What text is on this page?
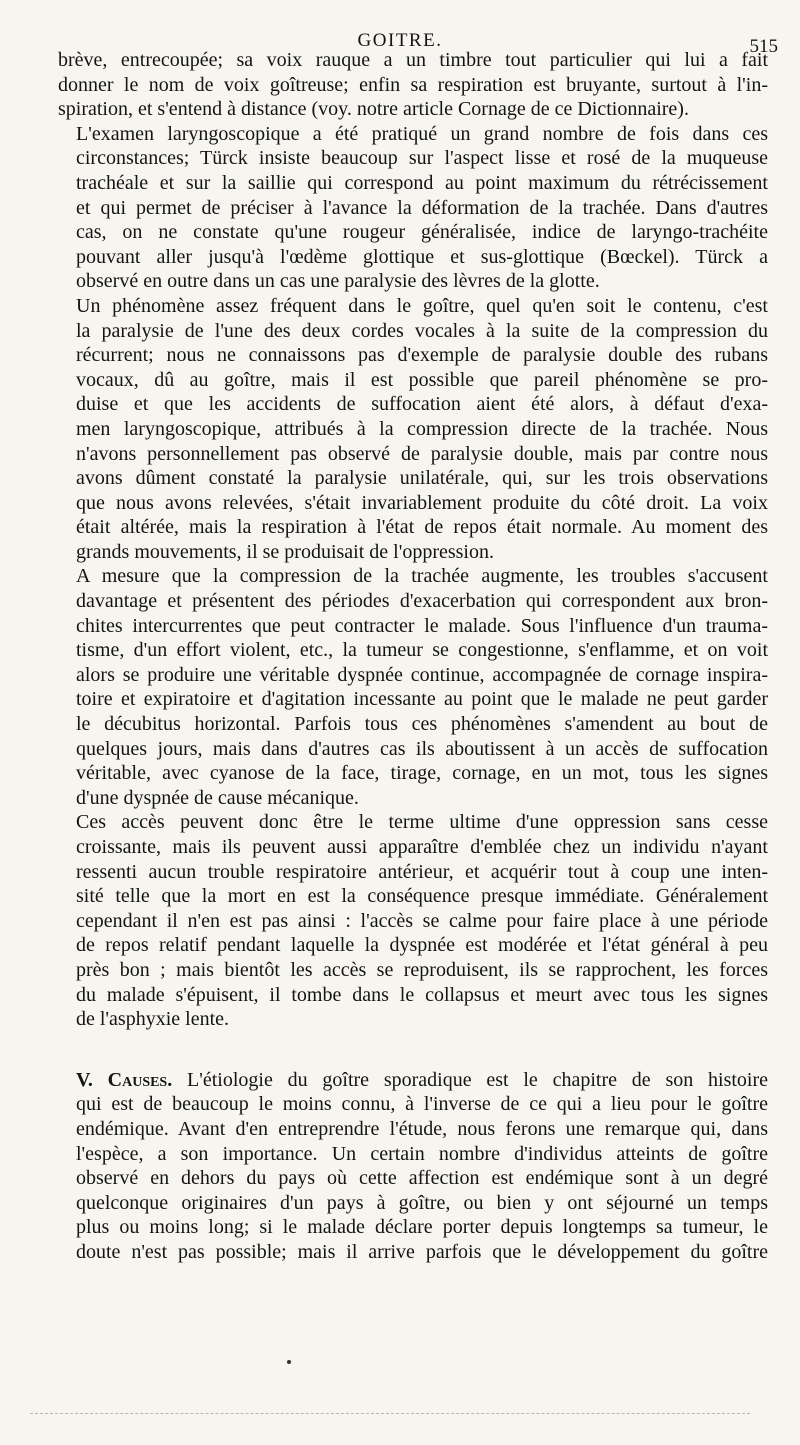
GOITRE.	515

brève, entrecoupée; sa voix rauque a un timbre tout particulier qui lui a fait
donner le nom de voix goîtreuse; enfin sa respiration est bruyante, surtout à l'in-
spiration, et s'entend à distance (voy. notre article Cornage de ce Dictionnaire).

L'examen laryngoscopique a été pratiqué un grand nombre de fois dans ces
circonstances; Türck insiste beaucoup sur l'aspect lisse et rosé de la muqueuse
trachéale et sur la saillie qui correspond au point maximum du rétrécissement
et qui permet de préciser à l'avance la déformation de la trachée. Dans d'autres
cas, on ne constate qu'une rougeur généralisée, indice de laryngo-trachéite
pouvant aller jusqu'à l'œdème glottique et sus-glottique (Bœckel). Türck a
observé en outre dans un cas une paralysie des lèvres de la glotte.

Un phénomène assez fréquent dans le goître, quel qu'en soit le contenu, c'est
la paralysie de l'une des deux cordes vocales à la suite de la compression du
récurrent; nous ne connaissons pas d'exemple de paralysie double des rubans
vocaux, dû au goître, mais il est possible que pareil phénomène se pro-
duise et que les accidents de suffocation aient été alors, à défaut d'exa-
men laryngoscopique, attribués à la compression directe de la trachée. Nous
n'avons personnellement pas observé de paralysie double, mais par contre nous
avons dûment constaté la paralysie unilatérale, qui, sur les trois observations
que nous avons relevées, s'était invariablement produite du côté droit. La voix
était altérée, mais la respiration à l'état de repos était normale. Au moment des
grands mouvements, il se produisait de l'oppression.

A mesure que la compression de la trachée augmente, les troubles s'accusent
davantage et présentent des périodes d'exacerbation qui correspondent aux bron-
chites intercurrentes que peut contracter le malade. Sous l'influence d'un trauma-
tisme, d'un effort violent, etc., la tumeur se congestionne, s'enflamme, et on voit
alors se produire une véritable dyspnée continue, accompagnée de cornage inspira-
toire et expiratoire et d'agitation incessante au point que le malade ne peut garder
le décubitus horizontal. Parfois tous ces phénomènes s'amendent au bout de
quelques jours, mais dans d'autres cas ils aboutissent à un accès de suffocation
véritable, avec cyanose de la face, tirage, cornage, en un mot, tous les signes
d'une dyspnée de cause mécanique.

Ces accès peuvent donc être le terme ultime d'une oppression sans cesse
croissante, mais ils peuvent aussi apparaître d'emblée chez un individu n'ayant
ressenti aucun trouble respiratoire antérieur, et acquérir tout à coup une inten-
sité telle que la mort en est la conséquence presque immédiate. Généralement
cependant il n'en est pas ainsi : l'accès se calme pour faire place à une période
de repos relatif pendant laquelle la dyspnée est modérée et l'état général à peu
près bon ; mais bientôt les accès se reproduisent, ils se rapprochent, les forces
du malade s'épuisent, il tombe dans le collapsus et meurt avec tous les signes
de l'asphyxie lente.

V. Causes. L'étiologie du goître sporadique est le chapitre de son histoire
qui est de beaucoup le moins connu, à l'inverse de ce qui a lieu pour le goître
endémique. Avant d'en entreprendre l'étude, nous ferons une remarque qui, dans
l'espèce, a son importance. Un certain nombre d'individus atteints de goître
observé en dehors du pays où cette affection est endémique sont à un degré
quelconque originaires d'un pays à goître, ou bien y ont séjourné un temps
plus ou moins long; si le malade déclare porter depuis longtemps sa tumeur, le
doute n'est pas possible; mais il arrive parfois que le développement du goître
